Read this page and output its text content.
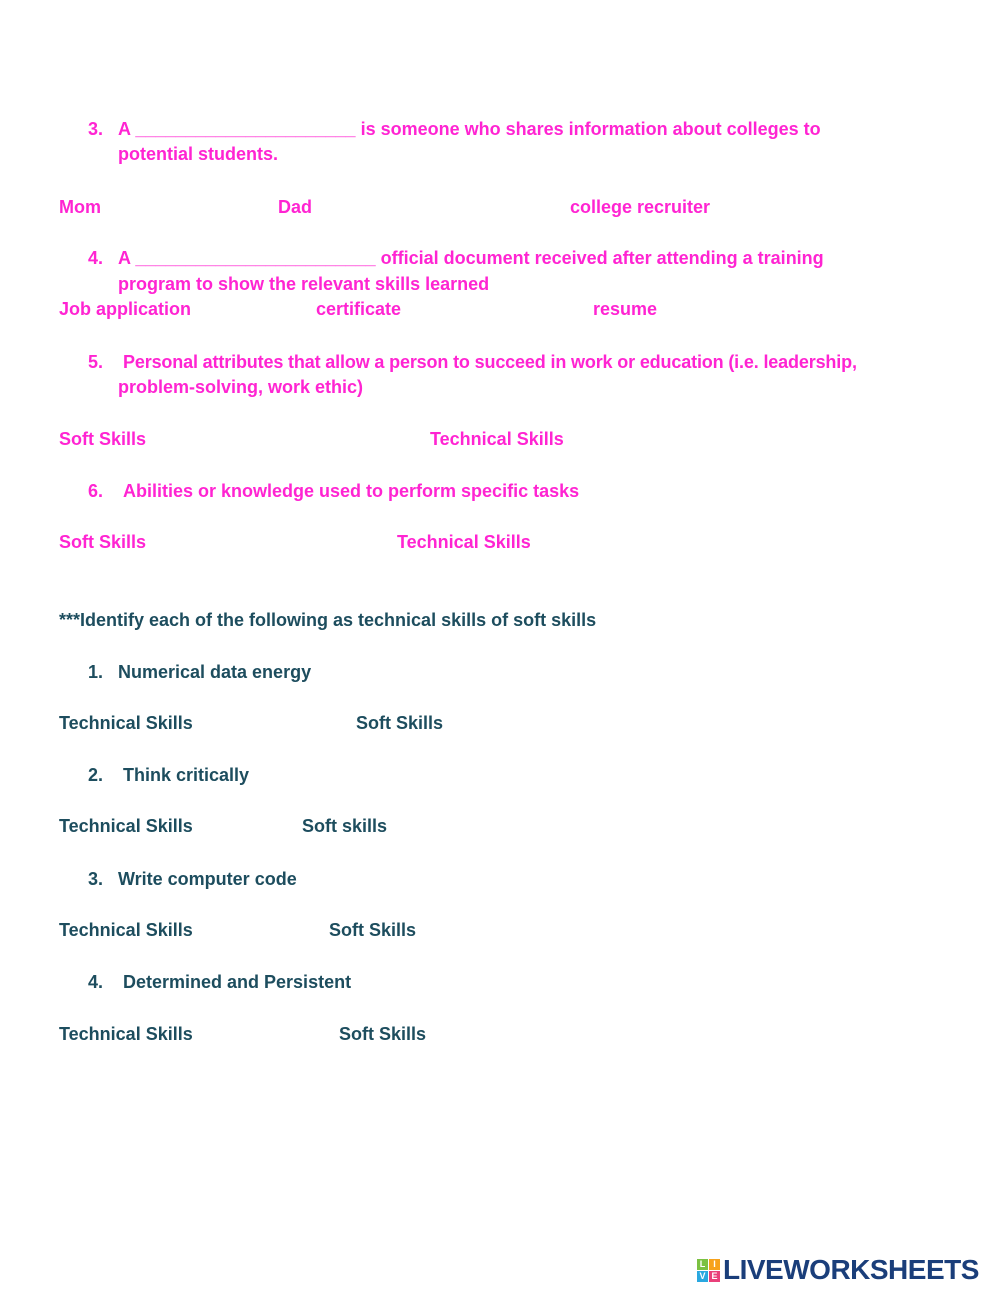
3. A ______________________ is someone who shares information about colleges to
potential students.
Mom	Dad	college recruiter
4. A ________________________ official document received after attending a training
program to show the relevant skills learned
Job application	certificate	resume
5. Personal attributes that allow a person to succeed in work or education (i.e. leadership,
problem-solving, work ethic)
Soft Skills	Technical Skills
6. Abilities or knowledge used to perform specific tasks
Soft Skills	Technical Skills
***Identify each of the following as technical skills of soft skills
1. Numerical data energy
Technical Skills	Soft Skills
2. Think critically
Technical Skills	Soft skills
3. Write computer code
Technical Skills	Soft Skills
4. Determined and Persistent
Technical Skills	Soft Skills
L I
V E LIVEWORKSHEETS
